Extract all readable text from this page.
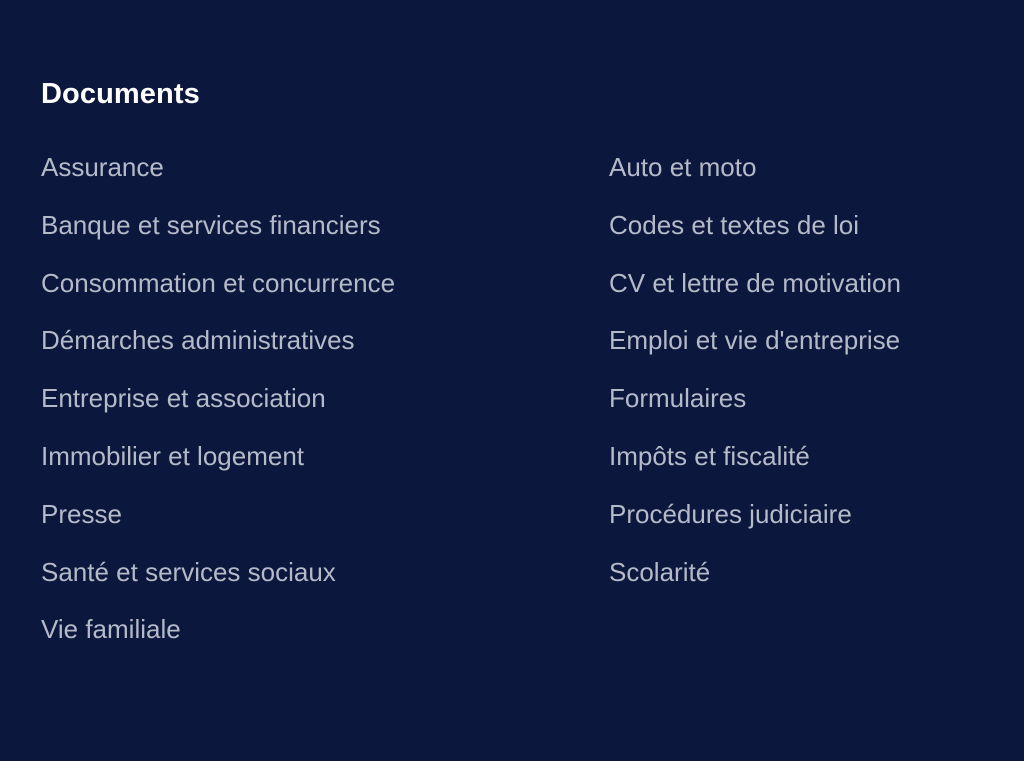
Documents
Assurance
Banque et services financiers
Consommation et concurrence
Démarches administratives
Entreprise et association
Immobilier et logement
Presse
Santé et services sociaux
Vie familiale
Auto et moto
Codes et textes de loi
CV et lettre de motivation
Emploi et vie d'entreprise
Formulaires
Impôts et fiscalité
Procédures judiciaire
Scolarité
